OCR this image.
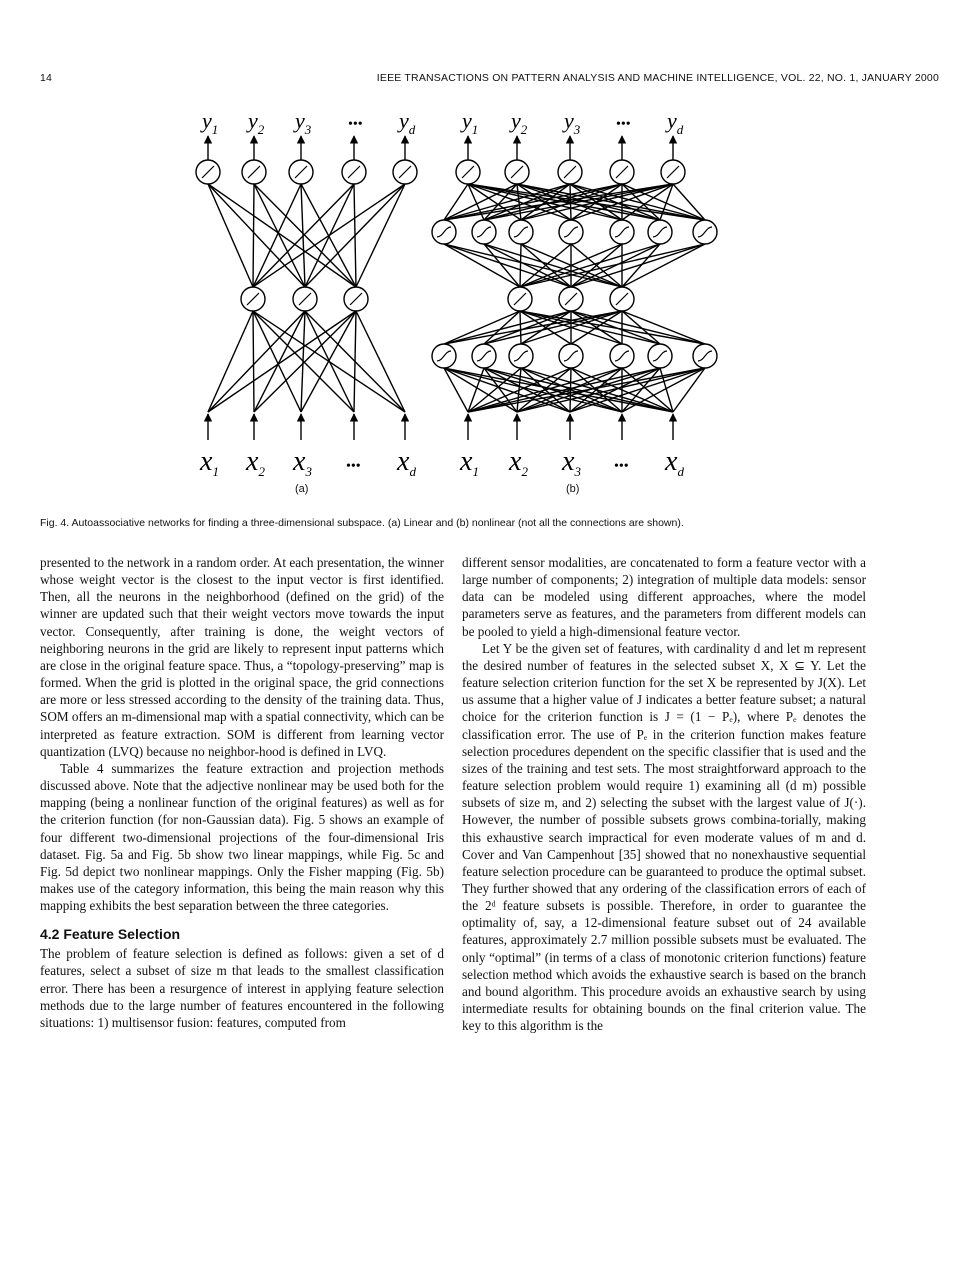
14	IEEE TRANSACTIONS ON PATTERN ANALYSIS AND MACHINE INTELLIGENCE, VOL. 22, NO. 1, JANUARY 2000
$y_1$ $y_2$ $y_3$	••• $y_d$
$x_1$ $x_2$ $x_3$ ••• $x_d$
$y_1$ $y_2$ $y_3$	••• $y_d$
$x_1$ $x_2$ $x_3$ ••• $x_d$
(a)	(b)
Fig. 4. Autoassociative networks for finding a three-dimensional subspace. (a) Linear and (b) nonlinear (not all the connections are shown).

presented to the network in a random order. At each presentation, the winner whose weight vector is the closest to the input vector is first identified. Then, all the neurons in the neighborhood (defined on the grid) of the winner are updated such that their weight vectors move towards the input vector. Consequently, after training is done, the weight vectors of neighboring neurons in the grid are likely to represent input patterns which are close in the original feature space. Thus, a “topology-preserving” map is formed. When the grid is plotted in the original space, the grid connections are more or less stressed according to the density of the training data. Thus, SOM offers an m-dimensional map with a spatial connectivity, which can be interpreted as feature extraction. SOM is different from learning vector quantization (LVQ) because no neighbor-hood is defined in LVQ.

Table 4 summarizes the feature extraction and projection methods discussed above. Note that the adjective nonlinear may be used both for the mapping (being a nonlinear function of the original features) as well as for the criterion function (for non-Gaussian data). Fig. 5 shows an example of four different two-dimensional projections of the four-dimensional Iris dataset. Fig. 5a and Fig. 5b show two linear mappings, while Fig. 5c and Fig. 5d depict two nonlinear mappings. Only the Fisher mapping (Fig. 5b) makes use of the category information, this being the main reason why this mapping exhibits the best separation between the three categories.

4.2 Feature Selection

The problem of feature selection is defined as follows: given a set of d features, select a subset of size m that leads to the smallest classification error. There has been a resurgence of interest in applying feature selection methods due to the large number of features encountered in the following situations: 1) multisensor fusion: features, computed from

different sensor modalities, are concatenated to form a feature vector with a large number of components; 2) integration of multiple data models: sensor data can be modeled using different approaches, where the model parameters serve as features, and the parameters from different models can be pooled to yield a high-dimensional feature vector.

Let Y be the given set of features, with cardinality d and let m represent the desired number of features in the selected subset X, X ⊆ Y. Let the feature selection criterion function for the set X be represented by J(X). Let us assume that a higher value of J indicates a better feature subset; a natural choice for the criterion function is J = (1 − Pₑ), where Pₑ denotes the classification error. The use of Pₑ in the criterion function makes feature selection procedures dependent on the specific classifier that is used and the sizes of the training and test sets. The most straightforward approach to the feature selection problem would require 1) examining all (d m) possible subsets of size m, and 2) selecting the subset with the largest value of J(·). However, the number of possible subsets grows combina-torially, making this exhaustive search impractical for even moderate values of m and d. Cover and Van Campenhout [35] showed that no nonexhaustive sequential feature selection procedure can be guaranteed to produce the optimal subset. They further showed that any ordering of the classification errors of each of the 2ᵈ feature subsets is possible. Therefore, in order to guarantee the optimality of, say, a 12-dimensional feature subset out of 24 available features, approximately 2.7 million possible subsets must be evaluated. The only “optimal” (in terms of a class of monotonic criterion functions) feature selection method which avoids the exhaustive search is based on the branch and bound algorithm. This procedure avoids an exhaustive search by using intermediate results for obtaining bounds on the final criterion value. The key to this algorithm is the
